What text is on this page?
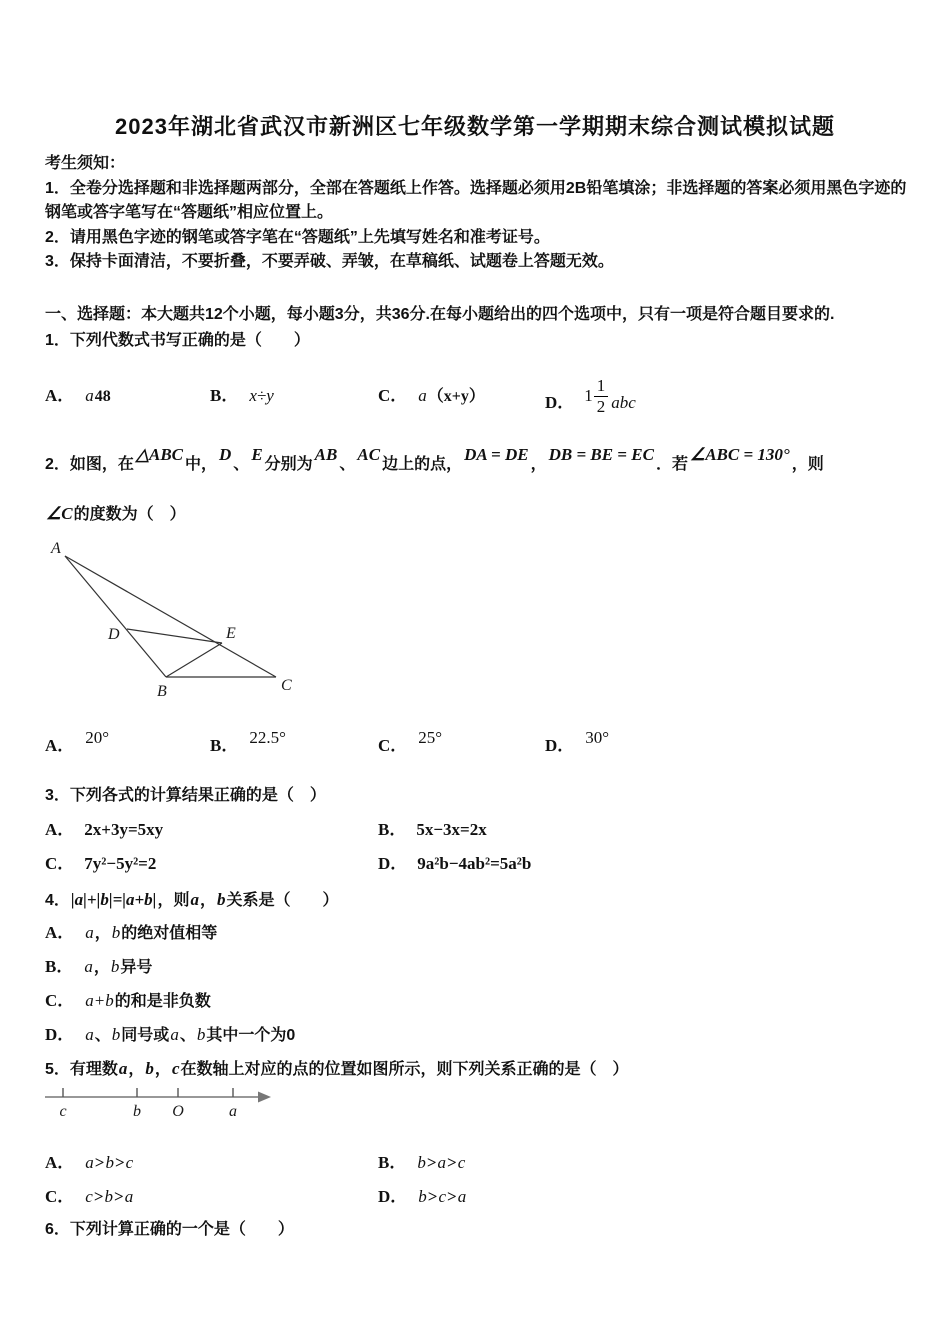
2023年湖北省武汉市新洲区七年级数学第一学期期末综合测试模拟试题
考生须知：
1．全卷分选择题和非选择题两部分，全部在答题纸上作答。选择题必须用2B铅笔填涂；非选择题的答案必须用黑色字迹的钢笔或答字笔写在“答题纸”相应位置上。
2．请用黑色字迹的钢笔或答字笔在“答题纸”上先填写姓名和准考证号。
3．保持卡面清洁，不要折叠，不要弄破、弄皱，在草稿纸、试题卷上答题无效。
一、选择题：本大题共12个小题，每小题3分，共36分.在每小题给出的四个选项中，只有一项是符合题目要求的.
1．下列代数式书写正确的是（　　）
A． a48	B． x÷y	C． a（x+y）	D． $1 \frac{1}{2}$ abc
2．如图，在△ABC中，D、E分别为AB、AC边上的点，DA = DE，DB = BE = EC．若∠ABC = 130°，则
∠C的度数为（　）
A
D	E
B	C
A． 20°	B． 22.5°	C． 25°	D． 30°
3．下列各式的计算结果正确的是（　）
A． 2x+3y=5xy	B． 5x−3x=2x
C． 7y²−5y²=2	D． 9a²b−4ab²=5a²b
4．|a|+|b|=|a+b|，则a，b关系是（　　）
A． a，b的绝对值相等
B． a，b异号
C． a+b的和是非负数
D． a、b同号或a、b其中一个为0
5．有理数a，b，c在数轴上对应的点的位置如图所示，则下列关系正确的是（　）
c	b O	a
A． a>b>c	B． b>a>c
C． c>b>a	D． b>c>a
6．下列计算正确的一个是（　　）
